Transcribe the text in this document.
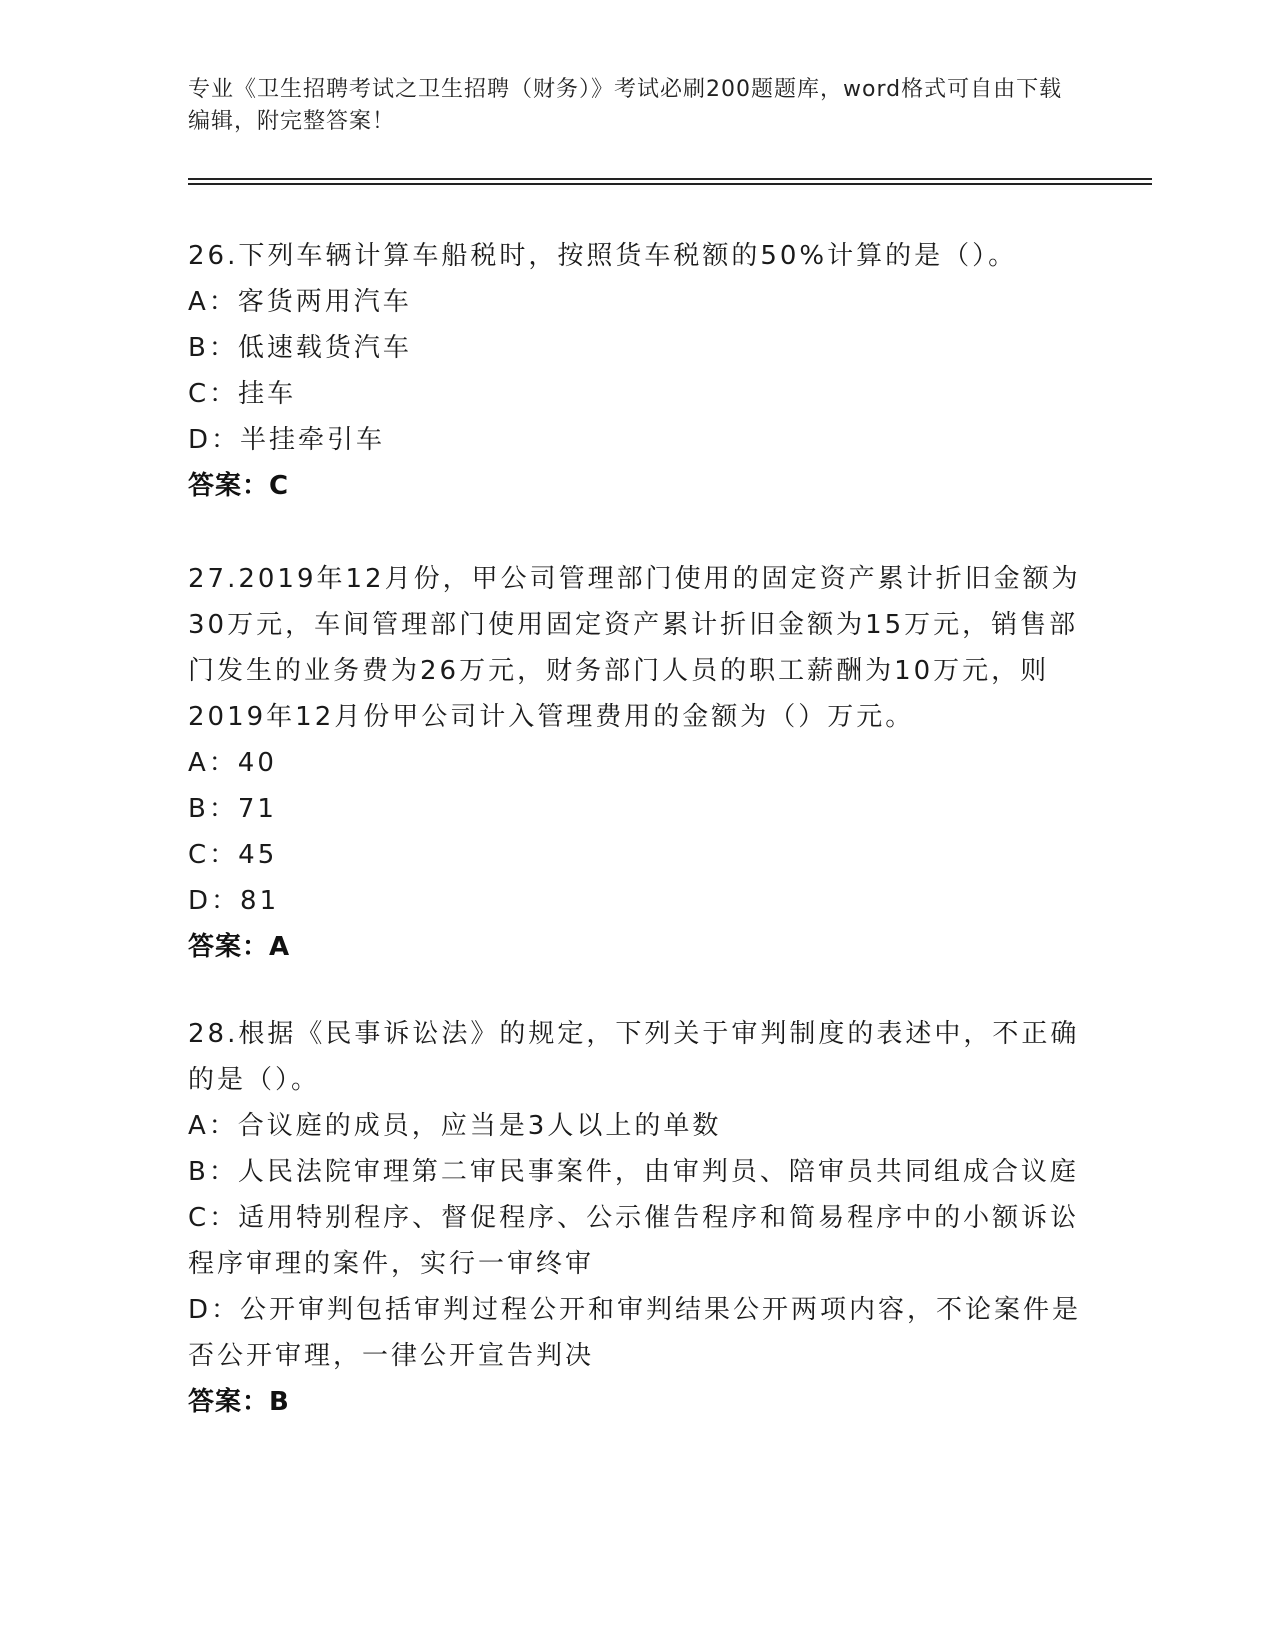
专业《卫生招聘考试之卫生招聘（财务）》考试必刷200题题库，word格式可自由下载编辑，附完整答案！
26.下列车辆计算车船税时，按照货车税额的50%计算的是（）。
A：客货两用汽车
B：低速载货汽车
C：挂车
D：半挂牵引车
答案：C
27.2019年12月份，甲公司管理部门使用的固定资产累计折旧金额为30万元，车间管理部门使用固定资产累计折旧金额为15万元，销售部门发生的业务费为26万元，财务部门人员的职工薪酬为10万元，则2019年12月份甲公司计入管理费用的金额为（）万元。
A：40
B：71
C：45
D：81
答案：A
28.根据《民事诉讼法》的规定，下列关于审判制度的表述中，不正确的是（）。
A：合议庭的成员，应当是3人以上的单数
B：人民法院审理第二审民事案件，由审判员、陪审员共同组成合议庭
C：适用特别程序、督促程序、公示催告程序和简易程序中的小额诉讼程序审理的案件，实行一审终审
D：公开审判包括审判过程公开和审判结果公开两项内容，不论案件是否公开审理，一律公开宣告判决
答案：B
